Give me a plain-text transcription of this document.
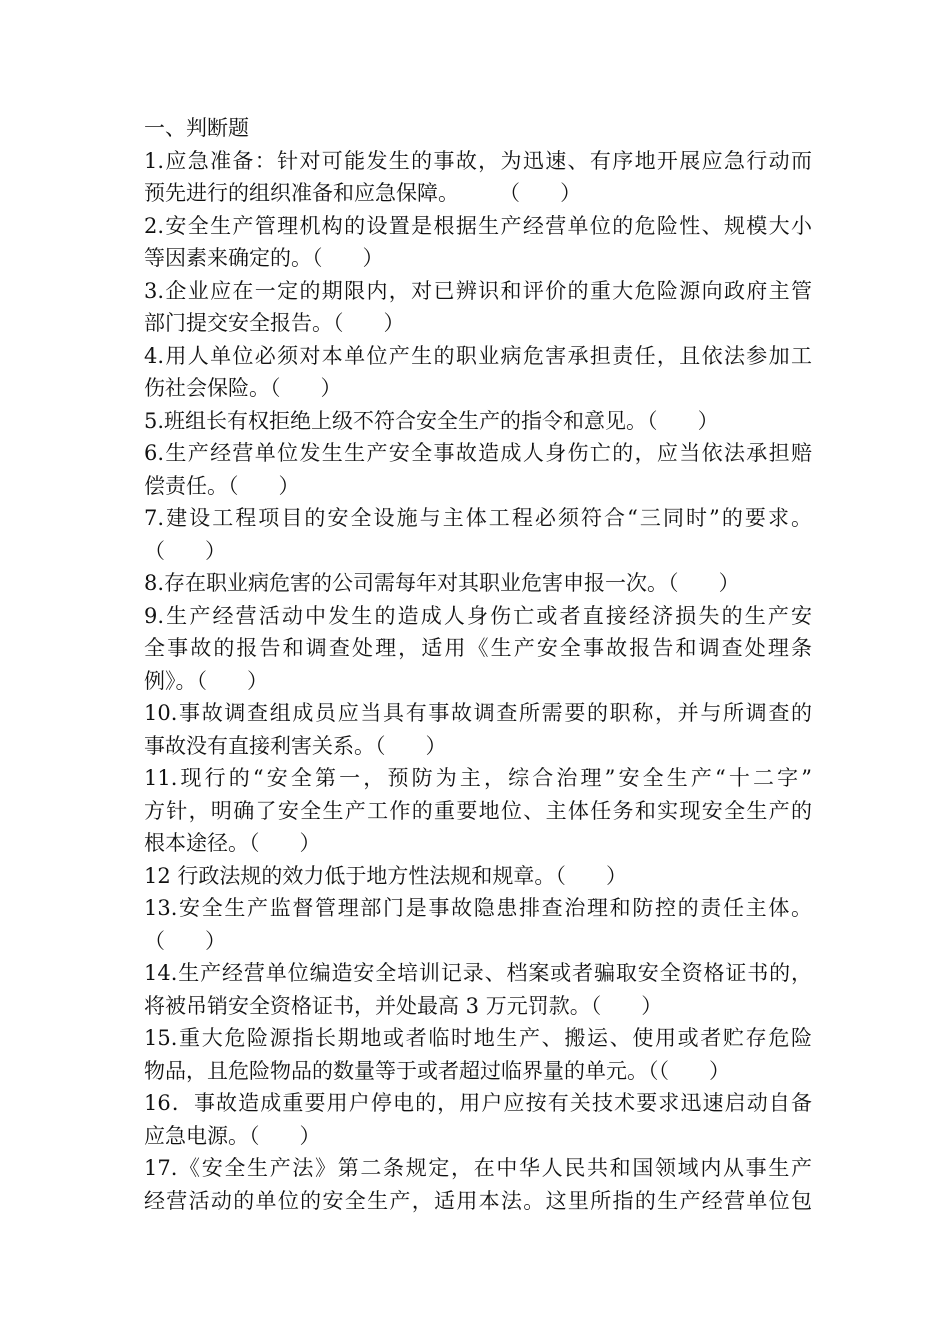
一、判断题
1.应急准备：针对可能发生的事故，为迅速、有序地开展应急行动而
预先进行的组织准备和应急保障。      （      ）
2.安全生产管理机构的设置是根据生产经营单位的危险性、规模大小
等因素来确定的。（      ）
3.企业应在一定的期限内，对已辨识和评价的重大危险源向政府主管
部门提交安全报告。（      ）
4.用人单位必须对本单位产生的职业病危害承担责任，且依法参加工
伤社会保险。（      ）
5.班组长有权拒绝上级不符合安全生产的指令和意见。（      ）
6.生产经营单位发生生产安全事故造成人身伤亡的，应当依法承担赔
偿责任。（      ）
7.建设工程项目的安全设施与主体工程必须符合“三同时”的要求。
（      ）
8.存在职业病危害的公司需每年对其职业危害申报一次。（      ）
9.生产经营活动中发生的造成人身伤亡或者直接经济损失的生产安
全事故的报告和调查处理，适用《生产安全事故报告和调查处理条
例》。（      ）
10.事故调查组成员应当具有事故调查所需要的职称，并与所调查的
事故没有直接利害关系。（      ）
11.现行的“安全第一，预防为主，综合治理”安全生产“十二字”
方针，明确了安全生产工作的重要地位、主体任务和实现安全生产的
根本途径。（      ）
12 行政法规的效力低于地方性法规和规章。（      ）
13.安全生产监督管理部门是事故隐患排查治理和防控的责任主体。
（      ）
14.生产经营单位编造安全培训记录、档案或者骗取安全资格证书的，
将被吊销安全资格证书，并处最高 3 万元罚款。（      ）
15.重大危险源指长期地或者临时地生产、搬运、使用或者贮存危险
物品，且危险物品的数量等于或者超过临界量的单元。（（      ）
16．事故造成重要用户停电的，用户应按有关技术要求迅速启动自备
应急电源。（      ）
17.《安全生产法》第二条规定，在中华人民共和国领域内从事生产
经营活动的单位的安全生产，适用本法。这里所指的生产经营单位包
